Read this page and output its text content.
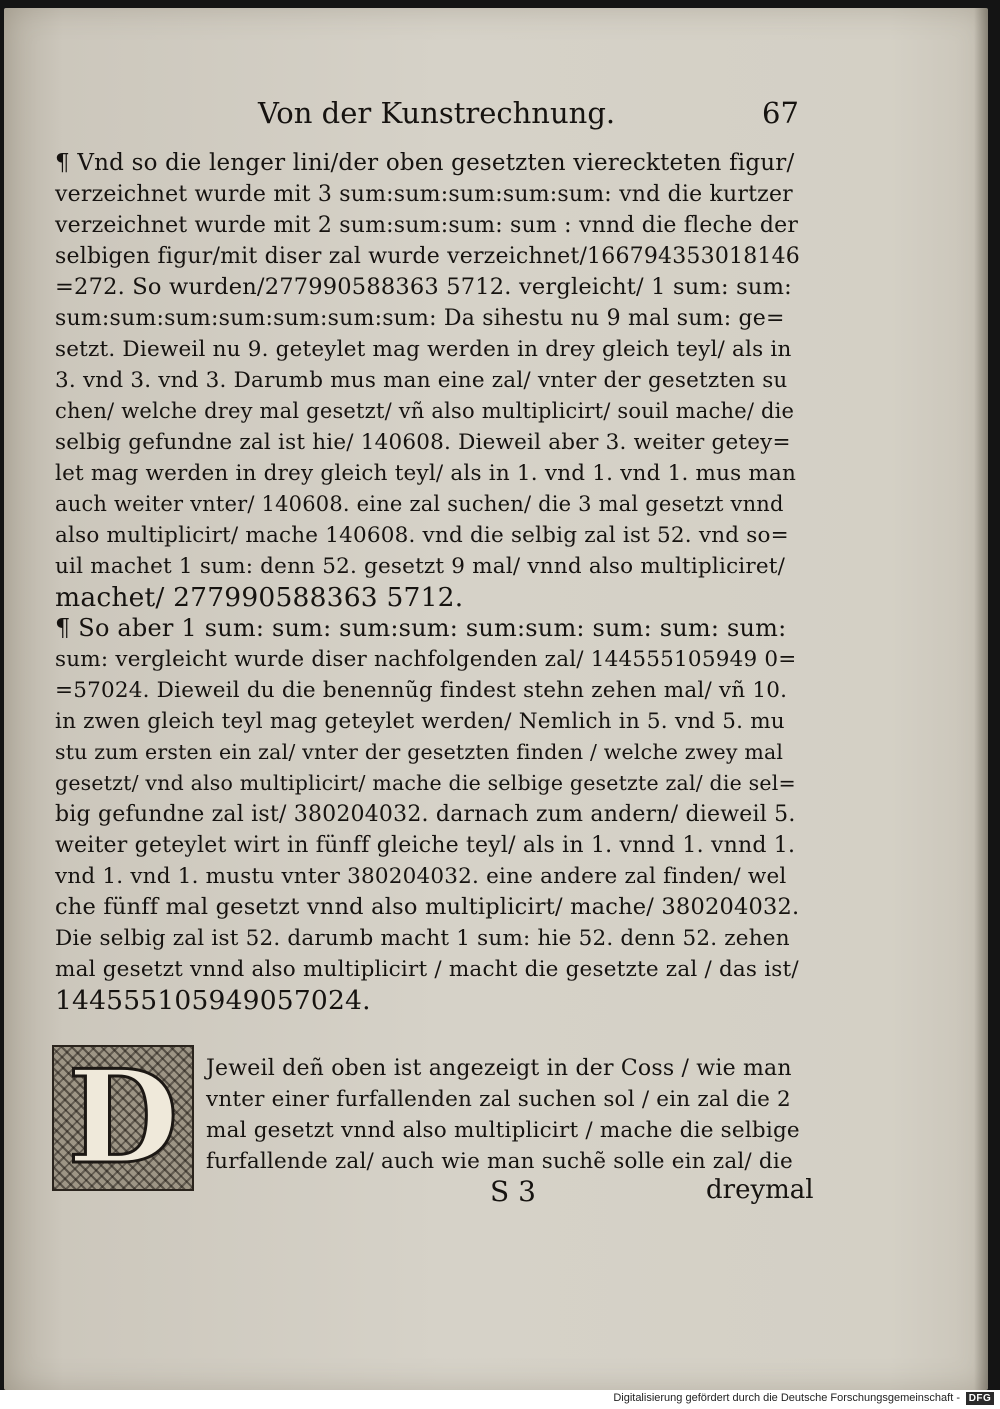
Von der Kunstrechnung.	67
¶ Vnd so die lenger lini/der oben gesetzten viereckteten figur/
verzeichnet wurde mit 3 sum:sum:sum:sum:sum: vnd die kurtzer
verzeichnet wurde mit 2 sum:sum:sum: sum : vnnd die fleche der
selbigen figur/mit diser zal wurde verzeichnet/166794353018146
=272. So wurden/277990588363 5712. vergleicht/ 1 sum: sum:
sum:sum:sum:sum:sum:sum:sum: Da sihestu nu 9 mal sum: ge=
setzt. Dieweil nu 9. geteylet mag werden in drey gleich teyl/ als in
3. vnd 3. vnd 3. Darumb mus man eine zal/ vnter der gesetzten su
chen/ welche drey mal gesetzt/ vñ also multiplicirt/ souil mache/ die
selbig gefundne zal ist hie/ 140608. Dieweil aber 3. weiter getey=
let mag werden in drey gleich teyl/ als in 1. vnd 1. vnd 1. mus man
auch weiter vnter/ 140608. eine zal suchen/ die 3 mal gesetzt vnnd
also multiplicirt/ mache 140608. vnd die selbig zal ist 52. vnd so=
uil machet 1 sum: denn 52. gesetzt 9 mal/ vnnd also multipliciret/
machet/ 277990588363 5712.
¶ So aber 1 sum: sum: sum:sum: sum:sum: sum: sum: sum:
sum: vergleicht wurde diser nachfolgenden zal/ 144555105949 0=
=57024. Dieweil du die benennũg findest stehn zehen mal/ vñ 10.
in zwen gleich teyl mag geteylet werden/ Nemlich in 5. vnd 5. mu
stu zum ersten ein zal/ vnter der gesetzten finden / welche zwey mal
gesetzt/ vnd also multiplicirt/ mache die selbige gesetzte zal/ die sel=
big gefundne zal ist/ 380204032. darnach zum andern/ dieweil 5.
weiter geteylet wirt in fünff gleiche teyl/ als in 1. vnnd 1. vnnd 1.
vnd 1. vnd 1. mustu vnter 380204032. eine andere zal finden/ wel
che fünff mal gesetzt vnnd also multiplicirt/ mache/ 380204032.
Die selbig zal ist 52. darumb macht 1 sum: hie 52. denn 52. zehen
mal gesetzt vnnd also multiplicirt / macht die gesetzte zal / das ist/
144555105949057024.
D	Jeweil deñ oben ist angezeigt in der Coss / wie man
vnter einer furfallenden zal suchen sol / ein zal die 2
mal gesetzt vnnd also multiplicirt / mache die selbige
furfallende zal/ auch wie man suchẽ solle ein zal/ die
S 3	dreymal
Digitalisierung gefördert durch die Deutsche Forschungsgemeinschaft - DFG
